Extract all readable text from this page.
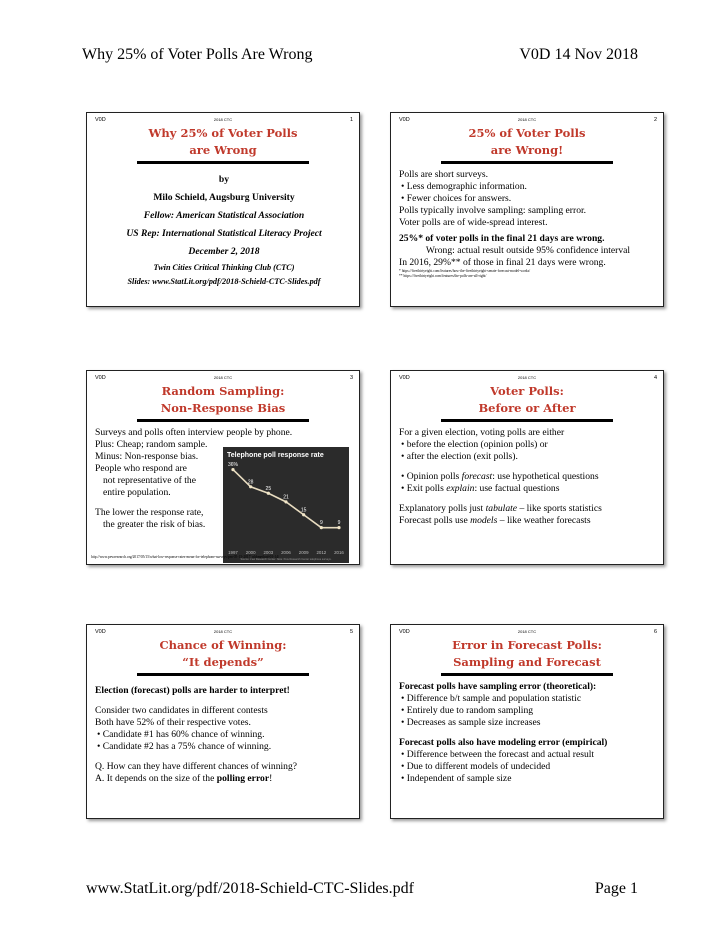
Why 25% of Voter Polls Are Wrong	V0D 14 Nov 2018
V0D	2018 CTC	1
Why 25% of Voter Polls
are Wrong
by
Milo Schield, Augsburg University
Fellow: American Statistical Association
US Rep: International Statistical Literacy Project
December 2, 2018
Twin Cities Critical Thinking Club (CTC)
Slides: www.StatLit.org/pdf/2018-Schield-CTC-Slides.pdf
V0D	2018 CTC	2
25% of Voter Polls
are Wrong!
Polls are short surveys.
• Less demographic information.
• Fewer choices for answers.
Polls typically involve sampling: sampling error.
Voter polls are of wide-spread interest.
25%* of voter polls in the final 21 days are wrong.
Wrong: actual result outside 95% confidence interval
In 2016, 29%** of those in final 21 days were wrong.
* https://fivethirtyeight.com/features/how-the-fivethirtyeight-senate-forecast-model-works/
** https://fivethirtyeight.com/features/the-polls-are-all-right/
V0D	2018 CTC	3
Random Sampling:
Non-Response Bias
Surveys and polls often interview people by phone.
Plus: Cheap; random sample.
Minus: Non-response bias.
People who respond are
not representative of the
entire population.
The lower the response rate,
the greater the risk of bias.
Telephone poll response rate
36%
1997
28
2000
25
2003
21
2006
15
2009
9
2012
9
2016
Source: Pew Research Center. Note: Pew Research Center telephone surveys.
http://www.pewresearch.org/2017/05/15/what-low-response-rates-mean-for-telephone-surveys/pm-05-15-2017_nhbmethod-01-14/
V0D	2018 CTC	4
Voter Polls:
Before or After
For a given election, voting polls are either
• before the election (opinion polls) or
• after the election (exit polls).
• Opinion polls forecast: use hypothetical questions
• Exit polls explain: use factual questions
Explanatory polls just tabulate – like sports statistics
Forecast polls use models – like weather forecasts
V0D	2018 CTC	5
Chance of Winning:
“It depends”
Election (forecast) polls are harder to interpret!
Consider two candidates in different contests
Both have 52% of their respective votes.
• Candidate #1 has 60% chance of winning.
• Candidate #2 has a 75% chance of winning.
Q. How can they have different chances of winning?
A. It depends on the size of the polling error!
V0D	2018 CTC	6
Error in Forecast Polls:
Sampling and Forecast
Forecast polls have sampling error (theoretical):
• Difference b/t sample and population statistic
• Entirely due to random sampling
• Decreases as sample size increases
Forecast polls also have modeling error (empirical)
• Difference between the forecast and actual result
• Due to different models of undecided
• Independent of sample size
www.StatLit.org/pdf/2018-Schield-CTC-Slides.pdf	Page 1
